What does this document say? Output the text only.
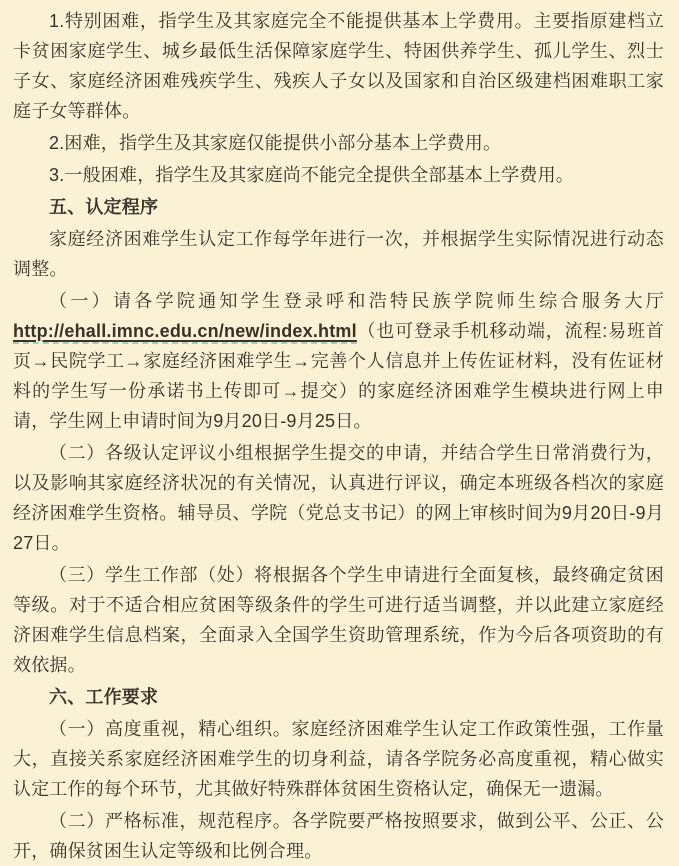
1.特别困难，指学生及其家庭完全不能提供基本上学费用。主要指原建档立卡贫困家庭学生、城乡最低生活保障家庭学生、特困供养学生、孤儿学生、烈士子女、家庭经济困难残疾学生、残疾人子女以及国家和自治区级建档困难职工家庭子女等群体。

2.困难，指学生及其家庭仅能提供小部分基本上学费用。

3.一般困难，指学生及其家庭尚不能完全提供全部基本上学费用。

五、认定程序

家庭经济困难学生认定工作每学年进行一次，并根据学生实际情况进行动态调整。

（一）请各学院通知学生登录呼和浩特民族学院师生综合服务大厅http://ehall.imnc.edu.cn/new/index.html（也可登录手机移动端，流程:易班首页→民院学工→家庭经济困难学生→完善个人信息并上传佐证材料，没有佐证材料的学生写一份承诺书上传即可→提交）的家庭经济困难学生模块进行网上申请，学生网上申请时间为9月20日-9月25日。

（二）各级认定评议小组根据学生提交的申请，并结合学生日常消费行为，以及影响其家庭经济状况的有关情况，认真进行评议，确定本班级各档次的家庭经济困难学生资格。辅导员、学院（党总支书记）的网上审核时间为9月20日-9月27日。

（三）学生工作部（处）将根据各个学生申请进行全面复核，最终确定贫困等级。对于不适合相应贫困等级条件的学生可进行适当调整，并以此建立家庭经济困难学生信息档案，全面录入全国学生资助管理系统，作为今后各项资助的有效依据。

六、工作要求

（一）高度重视，精心组织。家庭经济困难学生认定工作政策性强，工作量大，直接关系家庭经济困难学生的切身利益，请各学院务必高度重视，精心做实认定工作的每个环节，尤其做好特殊群体贫困生资格认定，确保无一遗漏。

（二）严格标准，规范程序。各学院要严格按照要求，做到公平、公正、公开，确保贫困生认定等级和比例合理。
